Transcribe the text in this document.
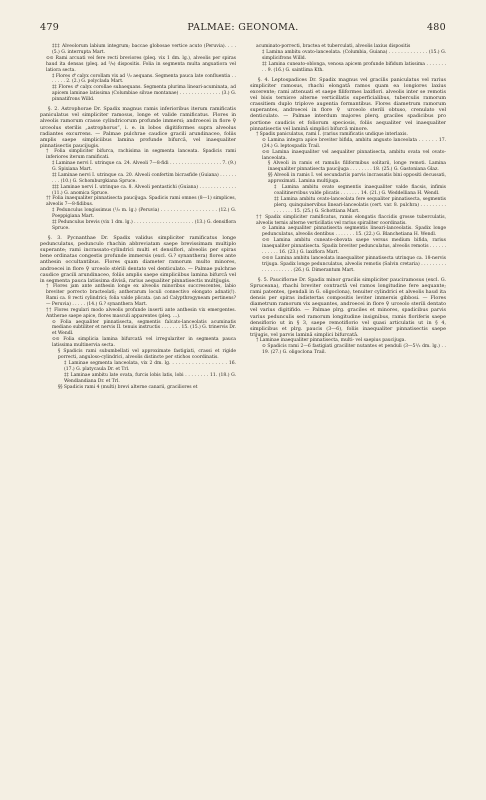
479	PALMAE: GEONOMA.	480

‡‡‡ Alveolorum labium integrum; baccae globosae vertice acuto (Peruvia). . . . (5.) G. interrupta Mart.

⊙⊙ Rami arcuati vel fere recti breviores (pleq. vix 1 dm. lg.), alveolis per spiras haud ita densas (pleq. ad ⁵/₈) dispositis. Folia in segmenta multa anguatiora vel latiora secta.

‡ Flores ♂ calyx corollam vix ad ¹/₂ aequans. Segmenta pauca late confluentia . . . . . . . 2. (2.) G. polyclada Mart.

‡‡ Flores ♂ calyx corollae subaequans. Segmenta plurima lineari-acuminata, ad apicem laminae latissima (Columbiae silvae montanae) . . . . . . . . . . . . . . (3.) G. pinnatifrons Willd.

§. 2. Astrophorae Dr. Spadix magnus ramis inferioribus iterum ramificatis paniculatus vel simpliciter ramosus, longe et valide ramificatus. Flores in alveolis ramorum crasse cylindricorum profunde immersi; androecei in flore ♀ urceolus sterilis „astrophorus“, i. e. in lobos digitiformes supra alveolus radiantes excurrens. — Palmae pulchrae caudice gracili arundinaceo, foliis amplis saepe simpliciibus lamina profunde bifurcâ, vel inaequaliter pinnatisectis paucijugis.

† Folia simpliciter bifurca, rachisima in segmenta lanceata. Spadicis rami inferiores iterum ramificati.

‡ Laminae nervi I. utrinque ca. 24. Alveoli 7—8-fidi . . . . . . . . . . . . . . . . . . 7. (9.) G. Spixiana Mart.

‡‡ Laminae nervi I. utrinque ca. 20. Alveoli confertim bicrasfide (Guiana) . . . . . . . . . (10.) G. Schomburgkiana Spruce.

‡‡‡ Laminae nervi I. utrinque ca. 8. Alveoli pentastichi (Guiana) . . . . . . . . . . . . . (11.) G. anomica Spruce.

†† Folia inaequaliter pinnatisecta paucijuga. Spadicis rami omnes (8—1) simplices, alveolis 7—8-fidibus.

‡ Pedunculus longissimus (¹/₂ m. lg.) (Peruvia) . . . . . . . . . . . . . . . . . . (12.) G. Poeppigiana Mart.

‡‡ Pedunculus brevis (vix 1 dm. lg.) . . . . . . . . . . . . . . . . . . . . . (13.) G. densiflora Spruce.

§. 3. Pycnanthae Dr. Spadix validus simpliciter ramificatus longe pedunculatus, pedunculo rhachin abbreviatam saepe brevissimam multiplo superante; rami incrassato-cylindrici multi et densiflori, alveolis per spiras bene ordinatas congestis profunde immersis (excl. G.? synanthera) flores ante anthesin occultantibus. Flores quam diameter ramorum multo minores, androecei in flore ♀ urceolo stérili dentato vel denticulato. — Palmae pulchrae caudice gracili arundinaceo, foliis amplis saepe simpliciibus lamina bifurcâ vel in segmenta paucа latissima divisâ, rarius aequaliter pinnatisectis multijugis.

† Flores jam ante anthesin longe ex alveolis minoribus succrescentes, labio breviter porrecto bracteolati; antherarum loculi connectivo elongato adnati(!). Rami ca. 8 recti cylindrici; folia valde plicata. (an ad Calypthrogyneam pertinens? — Peruvia) . . . . . (14.) G.? synanthera Mart.

†† Flores regulari modo alveolis profunde inserti ante anthesin vix emergentes. Antherae saepe apice, flores masculi apparentes (pleq. ...).

⊙ Folia aequaliter pinnatisecta, segmentis falcato-lanceolatis acuminatis mediano subtiliter et nervis II. tenuis instructis . . . . . . . 15. (15.) G. trinervis Dr. et Wendl.

⊙⊙ Folia simplicia lamina bifurcatâ vel irregulariter in segmenta paucа latissima multinervia secta.

§ Spadicis rami subumbellati vel approximate fastigiati, crassi et rigide porrecti, angulosо-cylindrici, alveolis distincte per stichos coordinatis.

‡ Laminae segmenta lanceolata, vix 2 dm. lg. . . . . . . . . . . . . . . . . . 16. (17.) G. platycaula Dr. et Trl.

‡‡ Laminae ambitu late ovata, furcis lobis latis, lobi . . . . . . . . 11. (18.) G. Wendlandiana Dr. et Trl.

§§ Spadicis rami 4 (multi) brevi alterne canarii, graciliores et

acuminato-porrecti, bractea et tuberculati, alveolis laxius dispositis

‡ Lamina ambitu ovato-lanceolata. (Columbia, Guiana) . . . . . . . . . . . . . (15.) G. simplicifrons Willd.

‡‡ Lamina cuneato-oblonga, venosa apicem profunde bifidum latissima . . . . . . . . . 9. (16.) G. saintlima Kth.

§. 4. Leptospadices Dr. Spadix magnus vel gracilis paniculatus vel rarius simpliciter ramosus, rhachi elongatâ ramos quam ea longiores laxius excerente; rami attenuati et saepe filiformes laxiflori. alveolis inter se remotis vel bisis ternisve alterne verticillatis superficialibus, tuberculis ramorum crassitiem duplo triplove augentia formantibus. Flores diametrum ramorum superantes, androecei in flore ♀ urceolo sterili obtuso, crenulato vel denticulato. — Palmae interdum majores plerq. graciles spadicibus pro portione caudicis et foliorum speciosis, foliis aequaliter vel inaequaliter pinnatisectis vel laminâ simplici bifurcâ minore.

† Spadix paniculatus, rami I. (rarius ramificatis undique interlaxis.

⊙ Lamina integra apice breviter bifida, ambitu angusto lanceolata . . . . . . 17. (24.) G. leptospadix Trail.

⊙⊙ Lamina inaequaliter vel aequaliter pinnatisecta, ambitu ovata vel ovato-lanceolata.

§ Alveoli in ramis et ramulis filiformibus solitarii, longe remoti. Lamina inaequaliter pinnatisecta paucijuga . . . . . . . . 18. (25.) G. Gastoniana Glaz.

§§ Alveoli in ramis I. vel secundariis parvis incrassatis bini oppositi decussati, approximati. Lamina multijuga.

‡ Lamina ambitu ovato segmentis inaequaliter valde flacsis, infimis coalitinervibus valde plicatis . . . . . . . 14. (21.) G. Weddelliana H. Wendl.

‡‡ Lamina ambitu ovato-lanceolata fere sequaliter pinnatisecta, segmentis plerq. quinquinervibus lineari-lanceolatis (cert. var. 8. pulchra) . . . . . . . . . . . . . . . . 15. (25.) G. Schottiana Mart.

†† Spadix simpliciter ramificatus, ramis elongatis flaccidis grosse tuberculatis, alveolis ternis alterne verticillatis vel rarius spiraliter coordinatis.

⊙ Lamina aequaliter pinnatisecta segmentis lineari-lanceolatis. Spadix longe pedunculatus, alveolis dentibus . . . . . . . 15. (22.) G. Blanchetiana H. Wendl.

⊙⊙ Lamina ambitu cuneato-obovata saepe versus medium bifida, rarius inaequaliter pinnatisecta. Spadix breviter pedunculatus, alveolis remotis . . . . . . . . . . . . 16. (23.) G. laxiflora Mart.

⊙⊙⊙ Lamina ambitu lanceolata inaequaliter pinnatisecta utrinque ca. 18-nervis trijuga. Spadix longe pedunculatus, alveolis remotis (Salvin cretaria) . . . . . . . . . . . . . . . . . . . . (26.) G. Dimerantum Mart.

§. 5. Pauciflorae Dr. Spadix minor gracilis simpliciter pauciramosus (excl. G. Spruceana), rhachi breviter contractâ vel ramos longitudine fere aequante; rami patentes, (pendali in G. oligoclona), tenuiter cylindrici et alveolis haud ita densis per spiras indistertas compositis leviter immersis gibbosi. — Flores diametrum ramorum vix aequantes, androecei in flore ♀ urceolo sterili dentato vel varius digitifido. — Palmae plrg. graciles et minores, spadicibus parvis varius pedunculis sed ramorum longitudine insignibus, ramis floriferis saepe densiflorio ut in § 3, saepe remotiflorio vel quasi articulatis ut in § 4, simplicibus et plrg. paucis (3—6), foliis inaequaliter pinnatisectis saepe trijugis, vel parvis laminâ simplici bifurcatâ.

† Laminae inaequaliter pinnatisecta, multi- vel saepius paucijuga.

⊙ Spadicis rami 2—6 fastigiati graciliter nutantes et penduli (3—5¹/₂ dm. lg.) . . 19. (27.) G. oligoclona Trail.
